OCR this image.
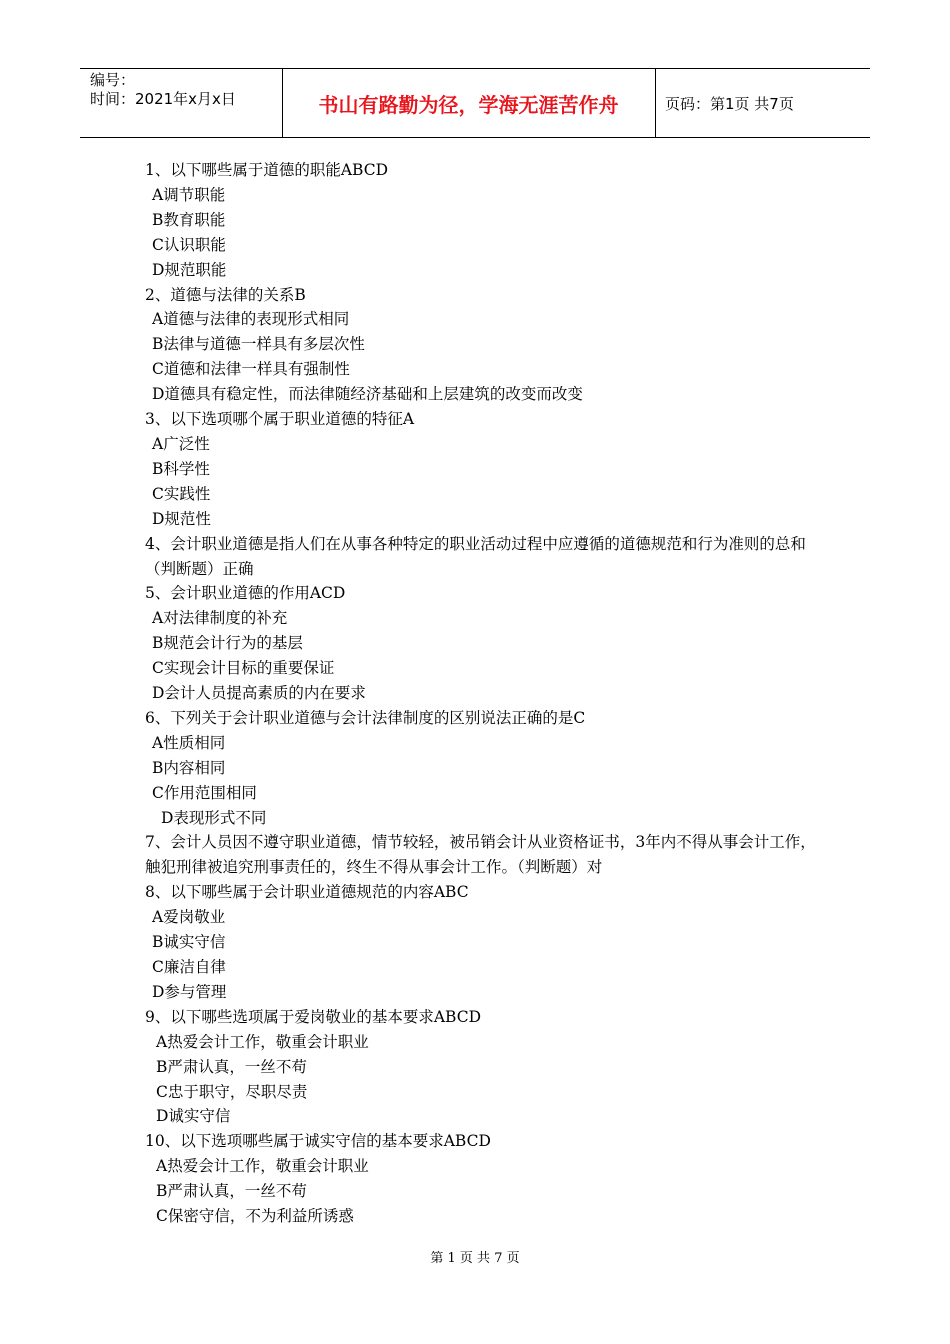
编号：
时间：2021年x月x日	书山有路勤为径，学海无涯苦作舟	页码：第1页 共7页
1、以下哪些属于道德的职能ABCD
A调节职能
B教育职能
C认识职能
D规范职能
2、道德与法律的关系B
A道德与法律的表现形式相同
B法律与道德一样具有多层次性
C道德和法律一样具有强制性
D道德具有稳定性，而法律随经济基础和上层建筑的改变而改变
3、以下选项哪个属于职业道德的特征A
A广泛性
B科学性
C实践性
D规范性
4、会计职业道德是指人们在从事各种特定的职业活动过程中应遵循的道德规范和行为准则的总和（判断题）正确
5、会计职业道德的作用ACD
A对法律制度的补充
B规范会计行为的基层
C实现会计目标的重要保证
D会计人员提高素质的内在要求
6、下列关于会计职业道德与会计法律制度的区别说法正确的是C
A性质相同
B内容相同
C作用范围相同
D表现形式不同
7、会计人员因不遵守职业道德，情节较轻，被吊销会计从业资格证书，3年内不得从事会计工作，触犯刑律被追究刑事责任的，终生不得从事会计工作。（判断题）对
8、以下哪些属于会计职业道德规范的内容ABC
A爱岗敬业
B诚实守信
C廉洁自律
D参与管理
9、以下哪些选项属于爱岗敬业的基本要求ABCD
A热爱会计工作，敬重会计职业
B严肃认真，一丝不苟
C忠于职守，尽职尽责
D诚实守信
10、以下选项哪些属于诚实守信的基本要求ABCD
A热爱会计工作，敬重会计职业
B严肃认真，一丝不苟
C保密守信，不为利益所诱惑
第 1 页 共 7 页
